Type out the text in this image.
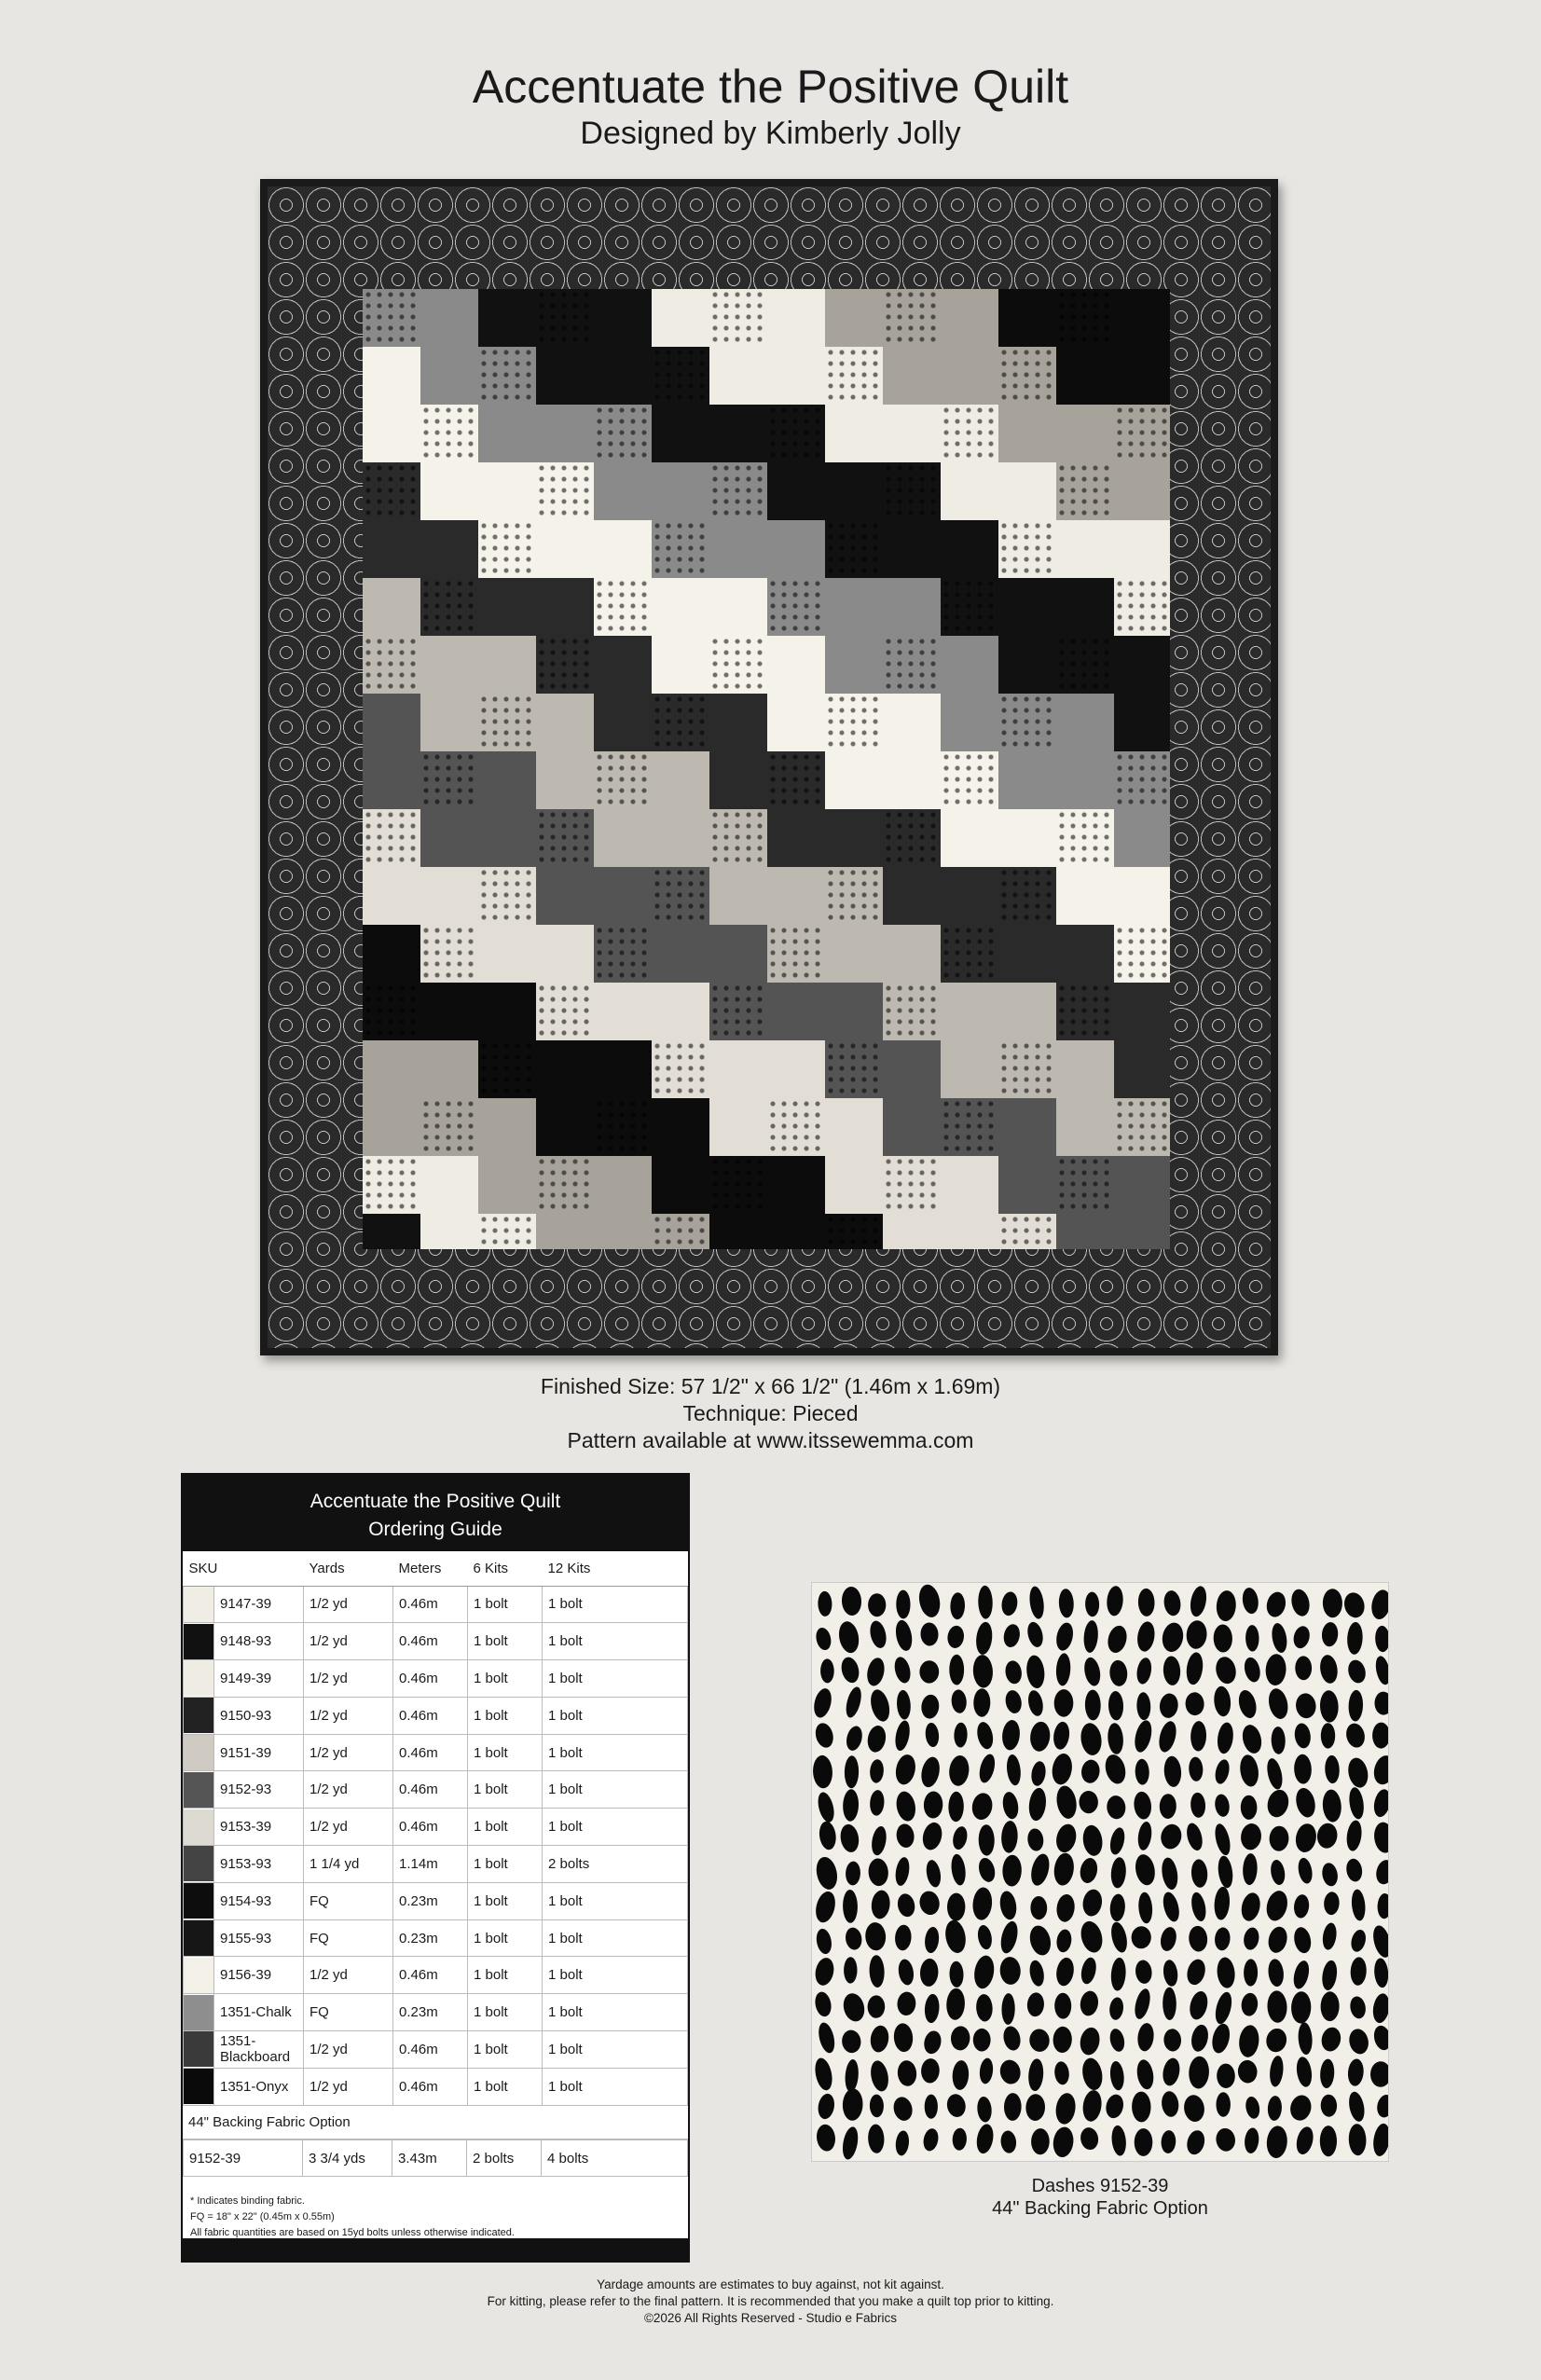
Accentuate the Positive Quilt
Designed by Kimberly Jolly
Finished Size: 57 1/2" x 66 1/2" (1.46m x 1.69m)
Technique: Pieced
Pattern available at www.itssewemma.com
Accentuate the Positive Quilt
Ordering Guide
SKU		Yards	Meters	6 Kits	12 Kits

	9147-39	1/2 yd	0.46m	1 bolt	1 bolt

	9148-93	1/2 yd	0.46m	1 bolt	1 bolt

	9149-39	1/2 yd	0.46m	1 bolt	1 bolt

	9150-93	1/2 yd	0.46m	1 bolt	1 bolt

	9151-39	1/2 yd	0.46m	1 bolt	1 bolt

	9152-93	1/2 yd	0.46m	1 bolt	1 bolt

	9153-39	1/2 yd	0.46m	1 bolt	1 bolt

	9153-93	1 1/4 yd	1.14m	1 bolt	2 bolts

	9154-93	FQ	0.23m	1 bolt	1 bolt

	9155-93	FQ	0.23m	1 bolt	1 bolt

	9156-39	1/2 yd	0.46m	1 bolt	1 bolt

	1351-Chalk	FQ	0.23m	1 bolt	1 bolt

	1351-Blackboard	1/2 yd	0.46m	1 bolt	1 bolt

	1351-Onyx	1/2 yd	0.46m	1 bolt	1 bolt
44" Backing Fabric Option
9152-39	3 3/4 yds	3.43m	2 bolts	4 bolts
* Indicates binding fabric.
FQ = 18" x 22" (0.45m x 0.55m)
All fabric quantities are based on 15yd bolts unless otherwise indicated.
Dashes 9152-39
44" Backing Fabric Option
Yardage amounts are estimates to buy against, not kit against.
For kitting, please refer to the final pattern. It is recommended that you make a quilt top prior to kitting.
©2026 All Rights Reserved - Studio e Fabrics
